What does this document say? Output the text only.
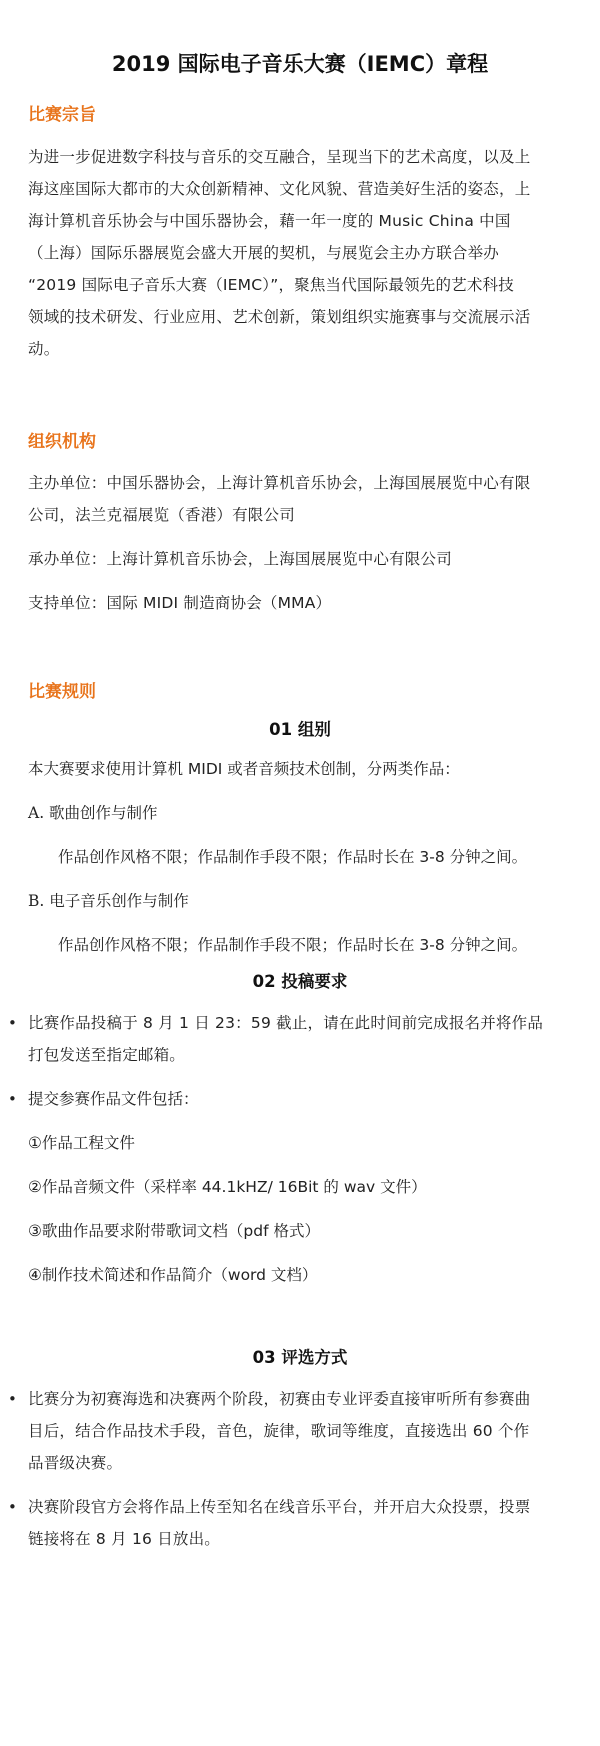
2019 国际电子音乐大赛（IEMC）章程
比赛宗旨

为进一步促进数字科技与音乐的交互融合，呈现当下的艺术高度，以及上

海这座国际大都市的大众创新精神、文化风貌、营造美好生活的姿态，上

海计算机音乐协会与中国乐器协会，藉一年一度的 Music China 中国

（上海）国际乐器展览会盛大开展的契机，与展览会主办方联合举办

“2019 国际电子音乐大赛（IEMC）”，聚焦当代国际最领先的艺术科技

领域的技术研发、行业应用、艺术创新，策划组织实施赛事与交流展示活

动。

组织机构

主办单位：中国乐器协会，上海计算机音乐协会，上海国展展览中心有限

公司，法兰克福展览（香港）有限公司

承办单位：上海计算机音乐协会，上海国展展览中心有限公司

支持单位：国际 MIDI 制造商协会（MMA）

比赛规则
01 组别

本大赛要求使用计算机 MIDI 或者音频技术创制，分两类作品：

A. 歌曲创作与制作

作品创作风格不限；作品制作手段不限；作品时长在 3-8 分钟之间。

B. 电子音乐创作与制作

作品创作风格不限；作品制作手段不限；作品时长在 3-8 分钟之间。

02 投稿要求
• 比赛作品投稿于 8 月 1 日 23：59 截止，请在此时间前完成报名并将作品

打包发送至指定邮箱。

• 提交参赛作品文件包括：

①作品工程文件

②作品音频文件（采样率 44.1kHZ/ 16Bit 的 wav 文件）

③歌曲作品要求附带歌词文档（pdf 格式）

④制作技术简述和作品简介（word 文档）

03 评选方式
• 比赛分为初赛海选和决赛两个阶段，初赛由专业评委直接审听所有参赛曲

目后，结合作品技术手段，音色，旋律，歌词等维度，直接选出 60 个作

品晋级决赛。

• 决赛阶段官方会将作品上传至知名在线音乐平台，并开启大众投票，投票

链接将在 8 月 16 日放出。
